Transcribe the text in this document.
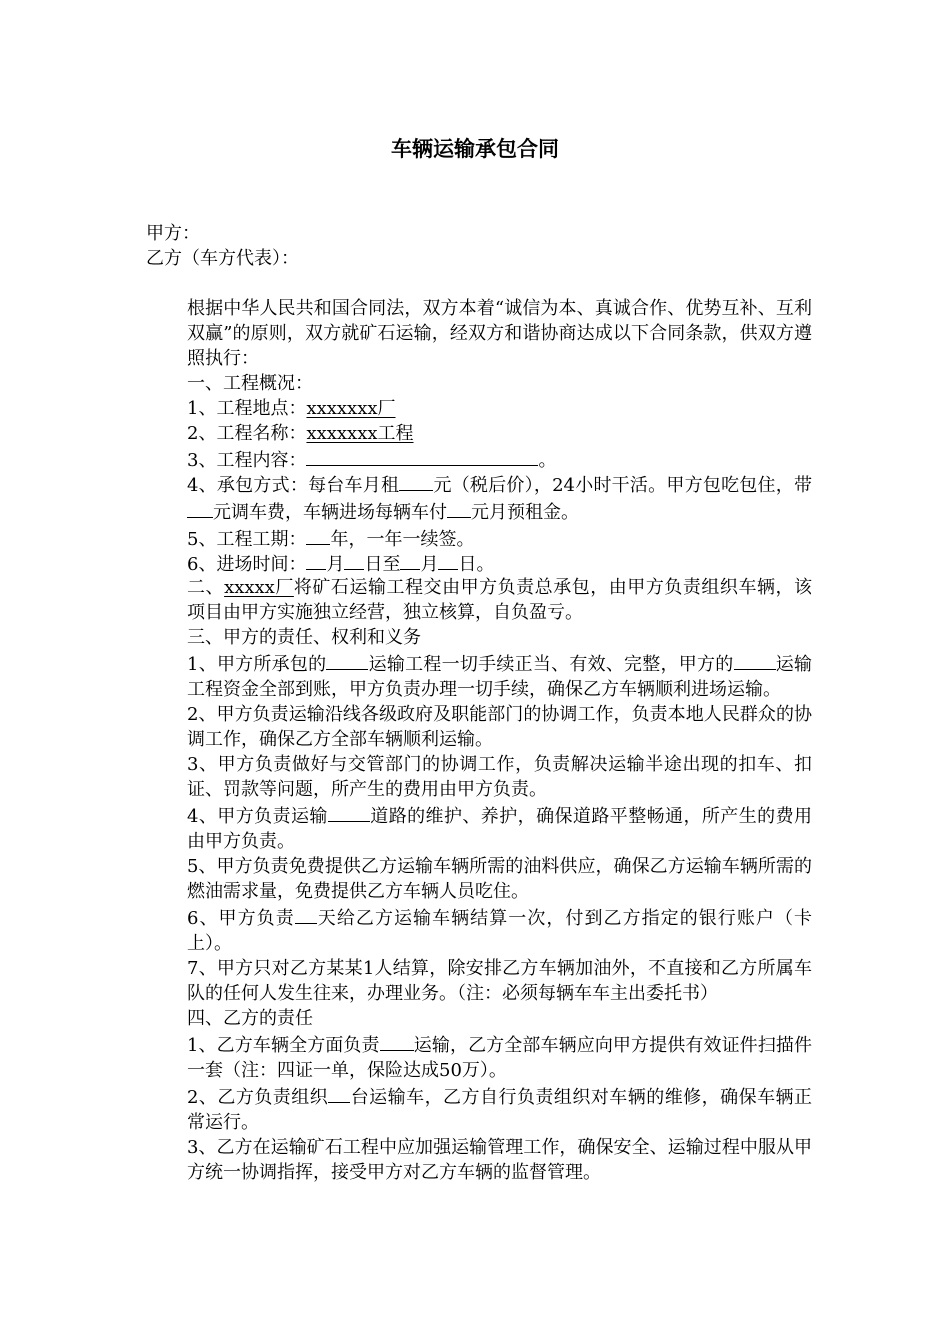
车辆运输承包合同

甲方：

乙方（车方代表）：

根据中华人民共和国合同法，双方本着“诚信为本、真诚合作、优势互补、互利双赢”的原则，双方就矿石运输，经双方和谐协商达成以下合同条款，供双方遵照执行：

一、工程概况：

1、工程地点：xxxxxxx厂

2、工程名称：xxxxxxx工程

3、工程内容：	。

4、承包方式：每台车月租 元（税后价），24小时干活。甲方包吃包住，带元调车费，车辆进场每辆车付 元月预租金。

5、工程工期： 年，一年一续签。

6、进场时间： 月 日至 月 日。

二、xxxxx厂将矿石运输工程交由甲方负责总承包，由甲方负责组织车辆，该项目由甲方实施独立经营，独立核算，自负盈亏。

三、甲方的责任、权利和义务

1、甲方所承包的 运输工程一切手续正当、有效、完整，甲方的 运输工程资金全部到账，甲方负责办理一切手续，确保乙方车辆顺利进场运输。

2、甲方负责运输沿线各级政府及职能部门的协调工作，负责本地人民群众的协调工作，确保乙方全部车辆顺利运输。

3、甲方负责做好与交管部门的协调工作，负责解决运输半途出现的扣车、扣证、罚款等问题，所产生的费用由甲方负责。

4、甲方负责运输 道路的维护、养护，确保道路平整畅通，所产生的费用由甲方负责。

5、甲方负责免费提供乙方运输车辆所需的油料供应，确保乙方运输车辆所需的燃油需求量，免费提供乙方车辆人员吃住。

6、甲方负责 天给乙方运输车辆结算一次，付到乙方指定的银行账户（卡上）。

7、甲方只对乙方某某1人结算，除安排乙方车辆加油外，不直接和乙方所属车队的任何人发生往来，办理业务。（注：必须每辆车车主出委托书）

四、乙方的责任

1、乙方车辆全方面负责 运输，乙方全部车辆应向甲方提供有效证件扫描件一套（注：四证一单，保险达成50万）。

2、乙方负责组织 台运输车，乙方自行负责组织对车辆的维修，确保车辆正常运行。

3、乙方在运输矿石工程中应加强运输管理工作，确保安全、运输过程中服从甲方统一协调指挥，接受甲方对乙方车辆的监督管理。
